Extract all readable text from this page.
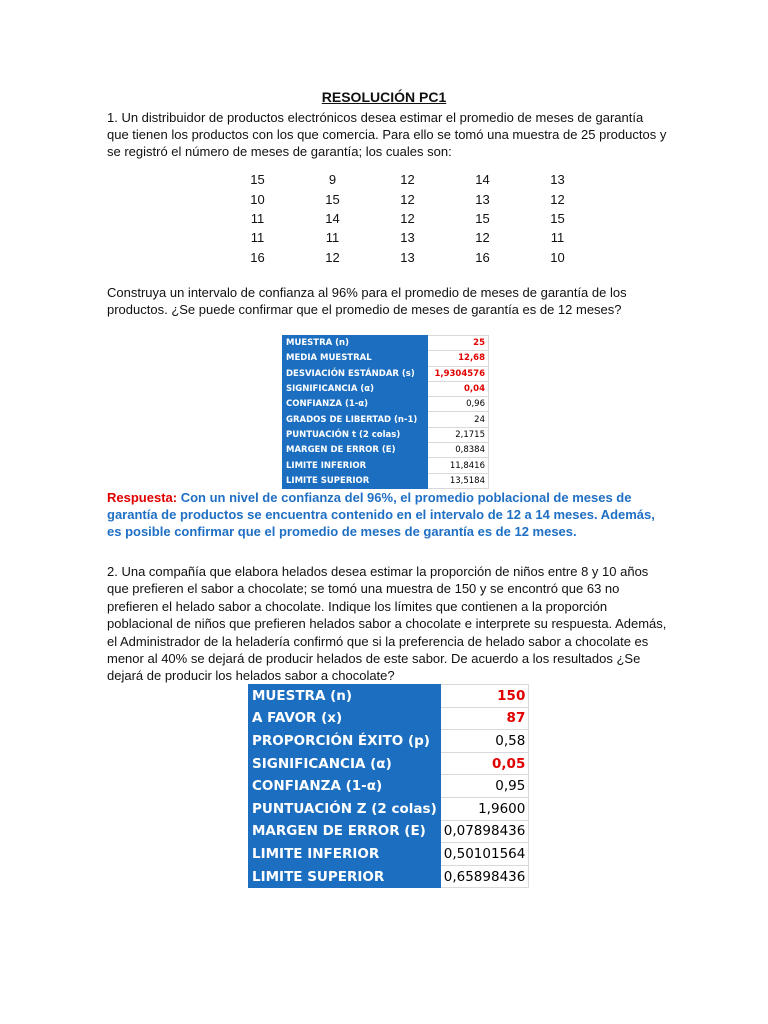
RESOLUCIÓN PC1

1. Un distribuidor de productos electrónicos desea estimar el promedio de meses de garantía que tienen los productos con los que comercia. Para ello se tomó una muestra de 25 productos y se registró el número de meses de garantía; los cuales son:

15	9	12	14	13
10	15	12	13	12
11	14	12	15	15
11	11	13	12	11
16	12	13	16	10

Construya un intervalo de confianza al 96% para el promedio de meses de garantía de los productos. ¿Se puede confirmar que el promedio de meses de garantía es de 12 meses?

MUESTRA (n)	25
MEDIA MUESTRAL	12,68
DESVIACIÓN ESTÁNDAR (s)	1,9304576
SIGNIFICANCIA (α)	0,04
CONFIANZA (1-α)	0,96
GRADOS DE LIBERTAD (n-1)	24
PUNTUACIÓN t (2 colas)	2,1715
MARGEN DE ERROR (E)	0,8384
LIMITE INFERIOR	11,8416
LIMITE SUPERIOR	13,5184

Respuesta: Con un nivel de confianza del 96%, el promedio poblacional de meses de garantía de productos se encuentra contenido en el intervalo de 12 a 14 meses. Además, es posible confirmar que el promedio de meses de garantía es de 12 meses.

2. Una compañía que elabora helados desea estimar la proporción de niños entre 8 y 10 años que prefieren el sabor a chocolate; se tomó una muestra de 150 y se encontró que 63 no prefieren el helado sabor a chocolate. Indique los límites que contienen a la proporción poblacional de niños que prefieren helados sabor a chocolate e interprete su respuesta. Además, el Administrador de la heladería confirmó que si la preferencia de helado sabor a chocolate es menor al 40% se dejará de producir helados de este sabor. De acuerdo a los resultados ¿Se dejará de producir los helados sabor a chocolate?

MUESTRA (n)	150
A FAVOR (x)	87
PROPORCIÓN ÉXITO (p)	0,58
SIGNIFICANCIA (α)	0,05
CONFIANZA (1-α)	0,95
PUNTUACIÓN Z (2 colas)	1,9600
MARGEN DE ERROR (E)	0,07898436
LIMITE INFERIOR	0,50101564
LIMITE SUPERIOR	0,65898436
